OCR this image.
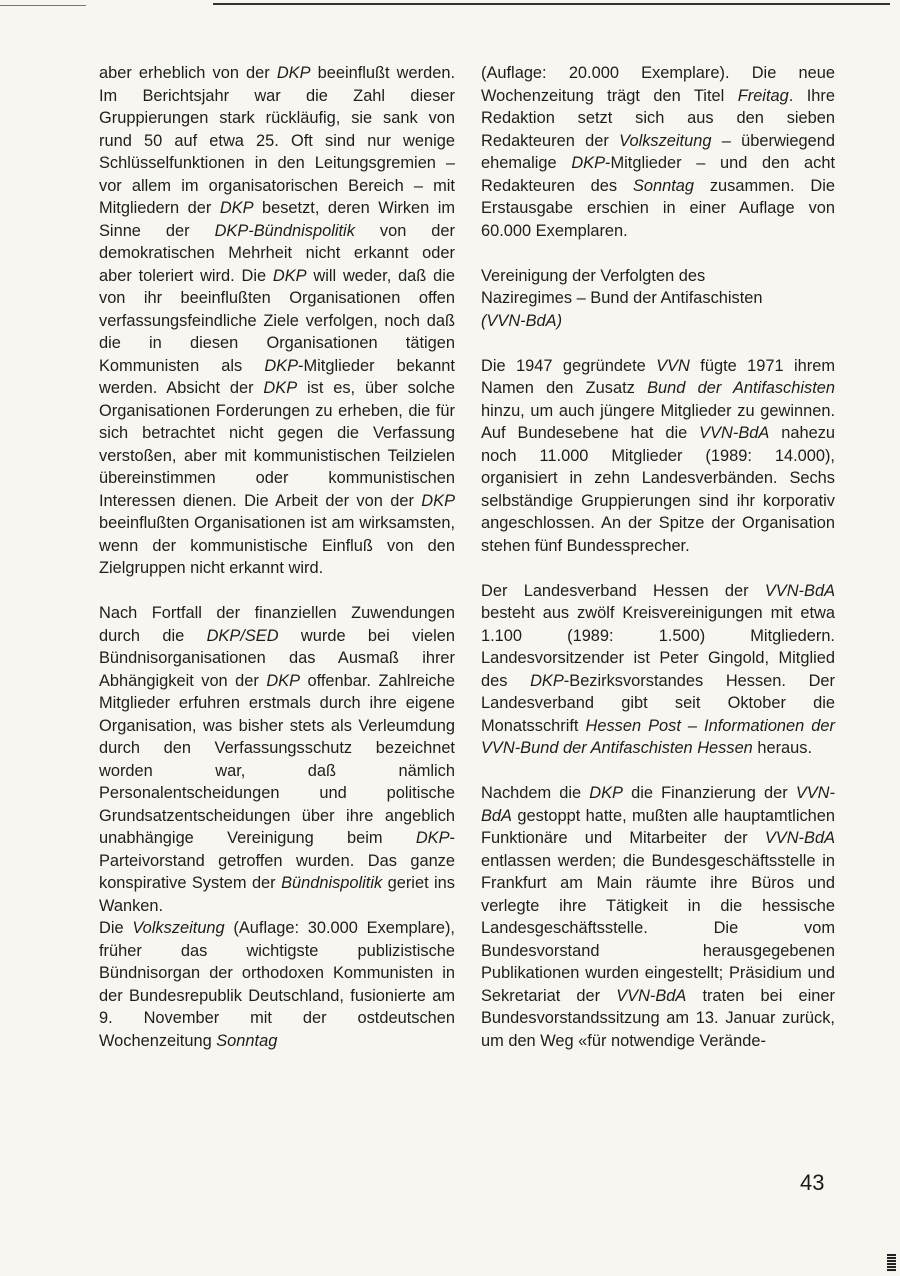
aber erheblich von der DKP beeinflußt werden. Im Berichtsjahr war die Zahl dieser Gruppierungen stark rückläufig, sie sank von rund 50 auf etwa 25. Oft sind nur wenige Schlüsselfunktionen in den Leitungsgremien – vor allem im organisatorischen Bereich – mit Mitgliedern der DKP besetzt, deren Wirken im Sinne der DKP-Bündnispolitik von der demokratischen Mehrheit nicht erkannt oder aber toleriert wird. Die DKP will weder, daß die von ihr beeinflußten Organisationen offen verfassungsfeindliche Ziele verfolgen, noch daß die in diesen Organisationen tätigen Kommunisten als DKP-Mitglieder bekannt werden. Absicht der DKP ist es, über solche Organisationen Forderungen zu erheben, die für sich betrachtet nicht gegen die Verfassung verstoßen, aber mit kommunistischen Teilzielen übereinstimmen oder kommunistischen Interessen dienen. Die Arbeit der von der DKP beeinflußten Organisationen ist am wirksamsten, wenn der kommunistische Einfluß von den Zielgruppen nicht erkannt wird.

Nach Fortfall der finanziellen Zuwendungen durch die DKP/SED wurde bei vielen Bündnisorganisationen das Ausmaß ihrer Abhängigkeit von der DKP offenbar. Zahlreiche Mitglieder erfuhren erstmals durch ihre eigene Organisation, was bisher stets als Verleumdung durch den Verfassungsschutz bezeichnet worden war, daß nämlich Personalentscheidungen und politische Grundsatzentscheidungen über ihre angeblich unabhängige Vereinigung beim DKP-Parteivorstand getroffen wurden. Das ganze konspirative System der Bündnispolitik geriet ins Wanken.

Die Volkszeitung (Auflage: 30.000 Exemplare), früher das wichtigste publizistische Bündnisorgan der orthodoxen Kommunisten in der Bundesrepublik Deutschland, fusionierte am 9. November mit der ostdeutschen Wochenzeitung Sonntag

(Auflage: 20.000 Exemplare). Die neue Wochenzeitung trägt den Titel Freitag. Ihre Redaktion setzt sich aus den sieben Redakteuren der Volkszeitung – überwiegend ehemalige DKP-Mitglieder – und den acht Redakteuren des Sonntag zusammen. Die Erstausgabe erschien in einer Auflage von 60.000 Exemplaren.

Vereinigung der Verfolgten des
Naziregimes – Bund der Antifaschisten
(VVN-BdA)

Die 1947 gegründete VVN fügte 1971 ihrem Namen den Zusatz Bund der Antifaschisten hinzu, um auch jüngere Mitglieder zu gewinnen. Auf Bundesebene hat die VVN-BdA nahezu noch 11.000 Mitglieder (1989: 14.000), organisiert in zehn Landesverbänden. Sechs selbständige Gruppierungen sind ihr korporativ angeschlossen. An der Spitze der Organisation stehen fünf Bundessprecher.

Der Landesverband Hessen der VVN-BdA besteht aus zwölf Kreisvereinigungen mit etwa 1.100 (1989: 1.500) Mitgliedern. Landesvorsitzender ist Peter Gingold, Mitglied des DKP-Bezirksvorstandes Hessen. Der Landesverband gibt seit Oktober die Monatsschrift Hessen Post – Informationen der VVN-Bund der Antifaschisten Hessen heraus.

Nachdem die DKP die Finanzierung der VVN-BdA gestoppt hatte, mußten alle hauptamtlichen Funktionäre und Mitarbeiter der VVN-BdA entlassen werden; die Bundesgeschäftsstelle in Frankfurt am Main räumte ihre Büros und verlegte ihre Tätigkeit in die hessische Landesgeschäftsstelle. Die vom Bundesvorstand herausgegebenen Publikationen wurden eingestellt; Präsidium und Sekretariat der VVN-BdA traten bei einer Bundesvorstandssitzung am 13. Januar zurück, um den Weg «für notwendige Verände-

43
